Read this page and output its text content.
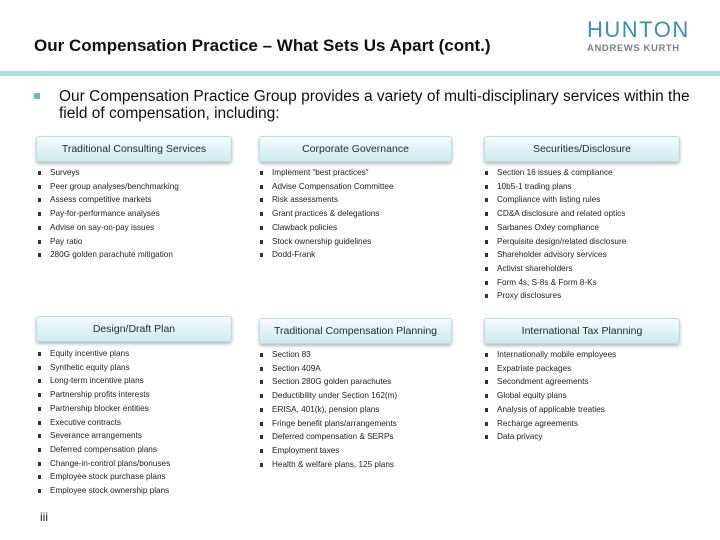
Our Compensation Practice – What Sets Us Apart (cont.)
HUNTON
ANDREWS KURTH
Our Compensation Practice Group provides a variety of multi-disciplinary services within the field of compensation, including:
Traditional Consulting Services
Surveys
Peer group analyses/benchmarking
Assess competitive markets
Pay-for-performance analyses
Advise on say-on-pay issues
Pay ratio
280G golden parachute mitigation
Corporate Governance
Implement “best practices”
Advise Compensation Committee
Risk assessments
Grant practices & delegations
Clawback policies
Stock ownership guidelines
Dodd-Frank
Securities/Disclosure
Section 16 issues & compliance
10b5-1 trading plans
Compliance with listing rules
CD&A disclosure and related optics
Sarbanes Oxley compliance
Perquisite design/related disclosure
Shareholder advisory services
Activist shareholders
Form 4s, S-8s & Form 8-Ks
Proxy disclosures
Design/Draft Plan
Equity incentive plans
Synthetic equity plans
Long-term incentive plans
Partnership profits interests
Partnership blocker entities
Executive contracts
Severance arrangements
Deferred compensation plans
Change-in-control plans/bonuses
Employee stock purchase plans
Employee stock ownership plans
Traditional Compensation Planning
Section 83
Section 409A
Section 280G golden parachutes
Deductibility under Section 162(m)
ERISA, 401(k), pension plans
Fringe benefit plans/arrangements
Deferred compensation & SERPs
Employment taxes
Health & welfare plans, 125 plans
International Tax Planning
Internationally mobile employees
Expatriate packages
Secondment agreements
Global equity plans
Analysis of applicable treaties
Recharge agreements
Data privacy
iii
